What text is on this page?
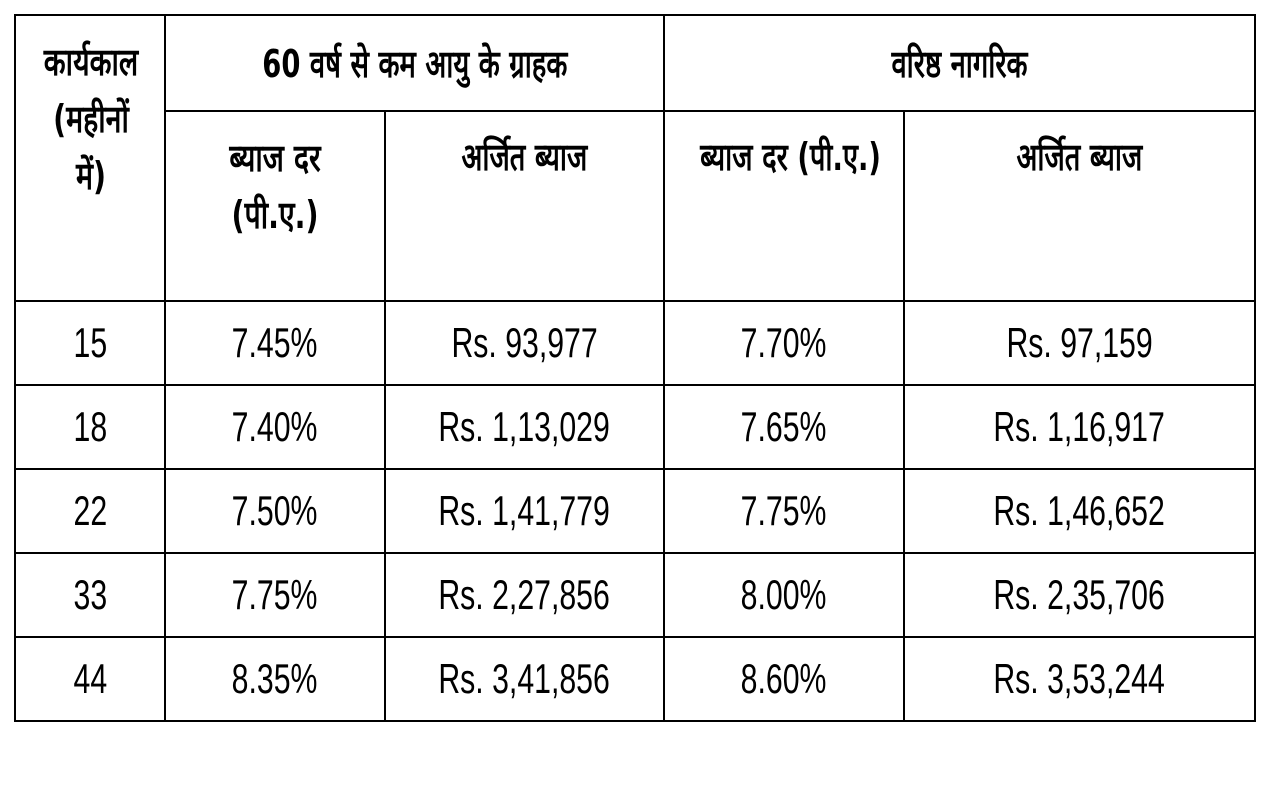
कार्यकाल (महीनों में)	60 वर्ष से कम आयु के ग्राहक		वरिष्ठ नागरिक	
	ब्याज दर (पी.ए.)	अर्जित ब्याज	ब्याज दर (पी.ए.)	अर्जित ब्याज
15	7.45%	Rs. 93,977	7.70%	Rs. 97,159
18	7.40%	Rs. 1,13,029	7.65%	Rs. 1,16,917
22	7.50%	Rs. 1,41,779	7.75%	Rs. 1,46,652
33	7.75%	Rs. 2,27,856	8.00%	Rs. 2,35,706
44	8.35%	Rs. 3,41,856	8.60%	Rs. 3,53,244
